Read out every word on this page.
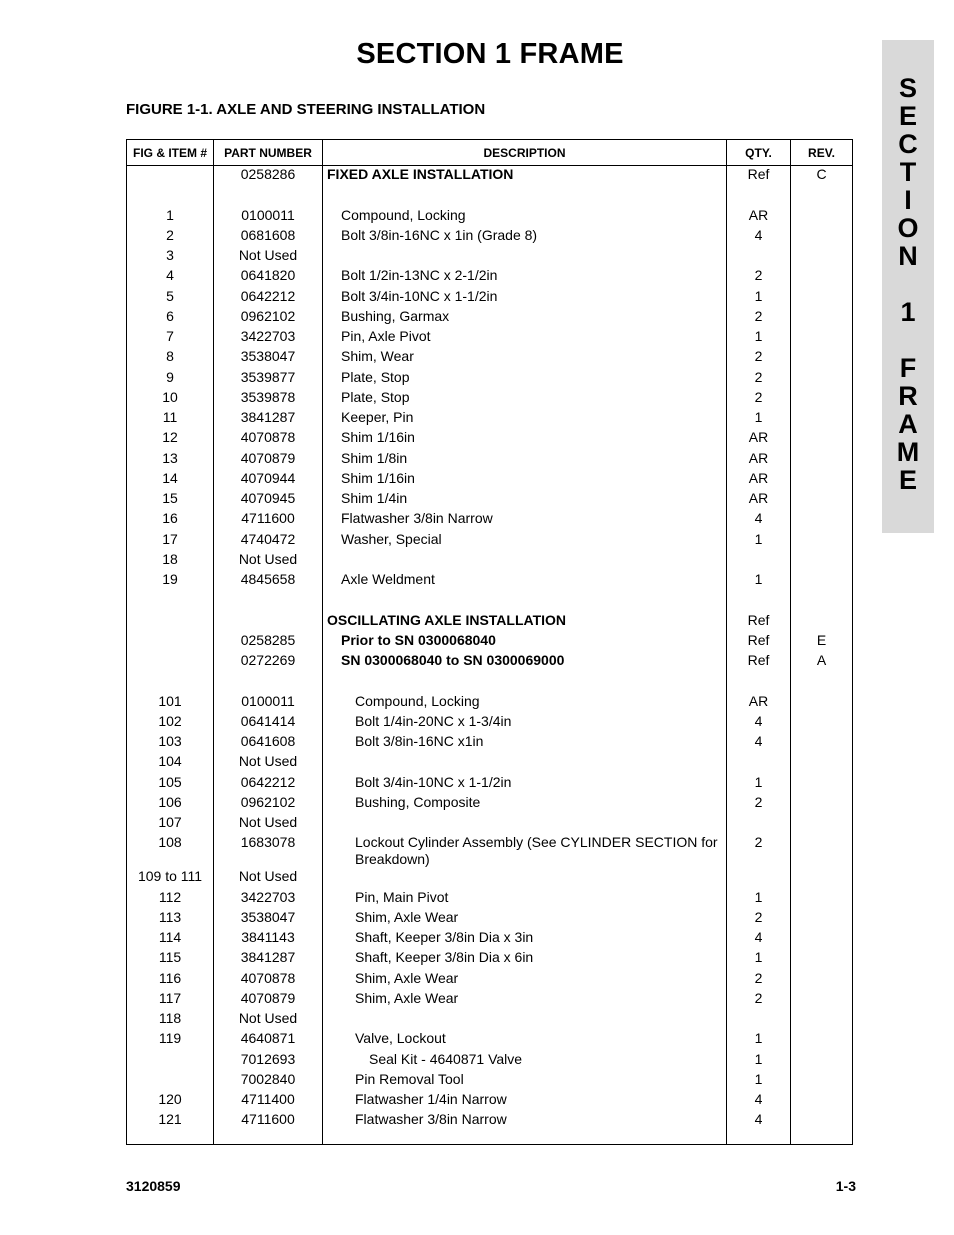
SECTION 1 FRAME
FIGURE 1-1. AXLE AND STEERING INSTALLATION
S
E
C
T
I
O
N
1
F
R
A
M
E
FIG & ITEM #	PART NUMBER	DESCRIPTION	QTY.	REV.
	0258286	FIXED AXLE INSTALLATION	Ref	C

1	0100011	Compound, Locking	AR	
2	0681608	Bolt 3/8in-16NC x 1in (Grade 8)	4	
3	Not Used			
4	0641820	Bolt 1/2in-13NC x 2-1/2in	2	
5	0642212	Bolt 3/4in-10NC x 1-1/2in	1	
6	0962102	Bushing, Garmax	2	
7	3422703	Pin, Axle Pivot	1	
8	3538047	Shim, Wear	2	
9	3539877	Plate, Stop	2	
10	3539878	Plate, Stop	2	
11	3841287	Keeper, Pin	1	
12	4070878	Shim 1/16in	AR	
13	4070879	Shim 1/8in	AR	
14	4070944	Shim 1/16in	AR	
15	4070945	Shim 1/4in	AR	
16	4711600	Flatwasher 3/8in Narrow	4	
17	4740472	Washer, Special	1	
18	Not Used			
19	4845658	Axle Weldment	1	

		OSCILLATING AXLE INSTALLATION	Ref	
	0258285	Prior to SN 0300068040	Ref	E
	0272269	SN 0300068040 to SN 0300069000	Ref	A

101	0100011	Compound, Locking	AR	
102	0641414	Bolt 1/4in-20NC x 1-3/4in	4	
103	0641608	Bolt 3/8in-16NC x1in	4	
104	Not Used			
105	0642212	Bolt 3/4in-10NC x 1-1/2in	1	
106	0962102	Bushing, Composite	2	
107	Not Used			
108	1683078	Lockout Cylinder Assembly (See CYLINDER SECTION for Breakdown)	2	
109 to 111	Not Used			
112	3422703	Pin, Main Pivot	1	
113	3538047	Shim, Axle Wear	2	
114	3841143	Shaft, Keeper 3/8in Dia x 3in	4	
115	3841287	Shaft, Keeper 3/8in Dia x 6in	1	
116	4070878	Shim, Axle Wear	2	
117	4070879	Shim, Axle Wear	2	
118	Not Used			
119	4640871	Valve, Lockout	1	
	7012693	Seal Kit - 4640871 Valve	1	
	7002840	Pin Removal Tool	1	
120	4711400	Flatwasher 1/4in Narrow	4	
121	4711600	Flatwasher 3/8in Narrow	4	

3120859	1-3
